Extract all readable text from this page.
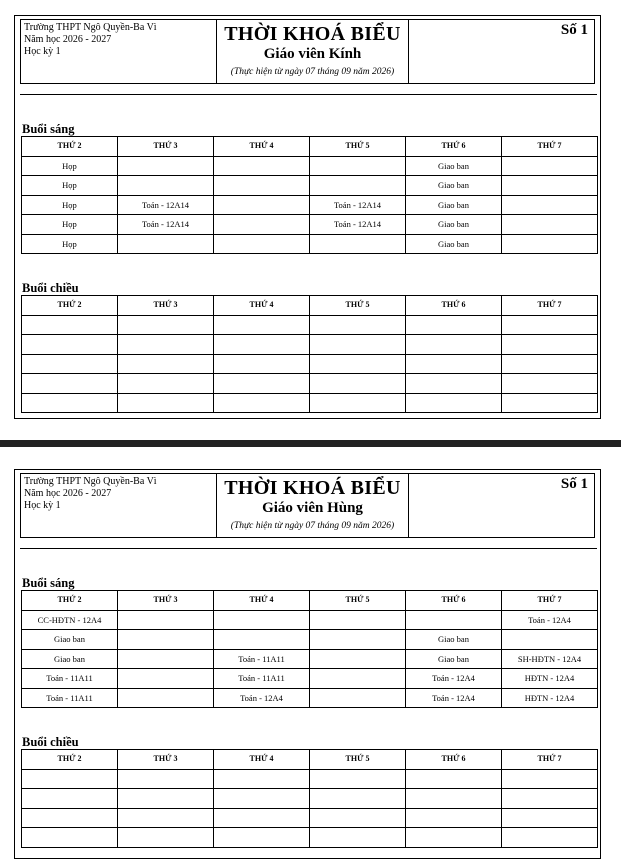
Trường THPT Ngô Quyền-Ba Vì
Năm học 2026 - 2027
Học kỳ 1
THỜI KHOÁ BIỂU
Giáo viên Kính
(Thực hiện từ ngày 07 tháng 09 năm 2026)
Số 1
Buổi sáng
THỨ 2	THỨ 3	THỨ 4	THỨ 5	THỨ 6	THỨ 7
Họp				Giao ban	
Họp				Giao ban	
Họp	Toán - 12A14		Toán - 12A14	Giao ban	
Họp	Toán - 12A14		Toán - 12A14	Giao ban	
Họp				Giao ban	
Buổi chiều
THỨ 2	THỨ 3	THỨ 4	THỨ 5	THỨ 6	THỨ 7

Trường THPT Ngô Quyền-Ba Vì
Năm học 2026 - 2027
Học kỳ 1
THỜI KHOÁ BIỂU
Giáo viên Hùng
(Thực hiện từ ngày 07 tháng 09 năm 2026)
Số 1
Buổi sáng
THỨ 2	THỨ 3	THỨ 4	THỨ 5	THỨ 6	THỨ 7
CC-HĐTN - 12A4					Toán - 12A4
Giao ban				Giao ban	
Giao ban		Toán - 11A11		Giao ban	SH-HĐTN - 12A4
Toán - 11A11		Toán - 11A11		Toán - 12A4	HĐTN - 12A4
Toán - 11A11		Toán - 12A4		Toán - 12A4	HĐTN - 12A4
Buổi chiều
THỨ 2	THỨ 3	THỨ 4	THỨ 5	THỨ 6	THỨ 7
